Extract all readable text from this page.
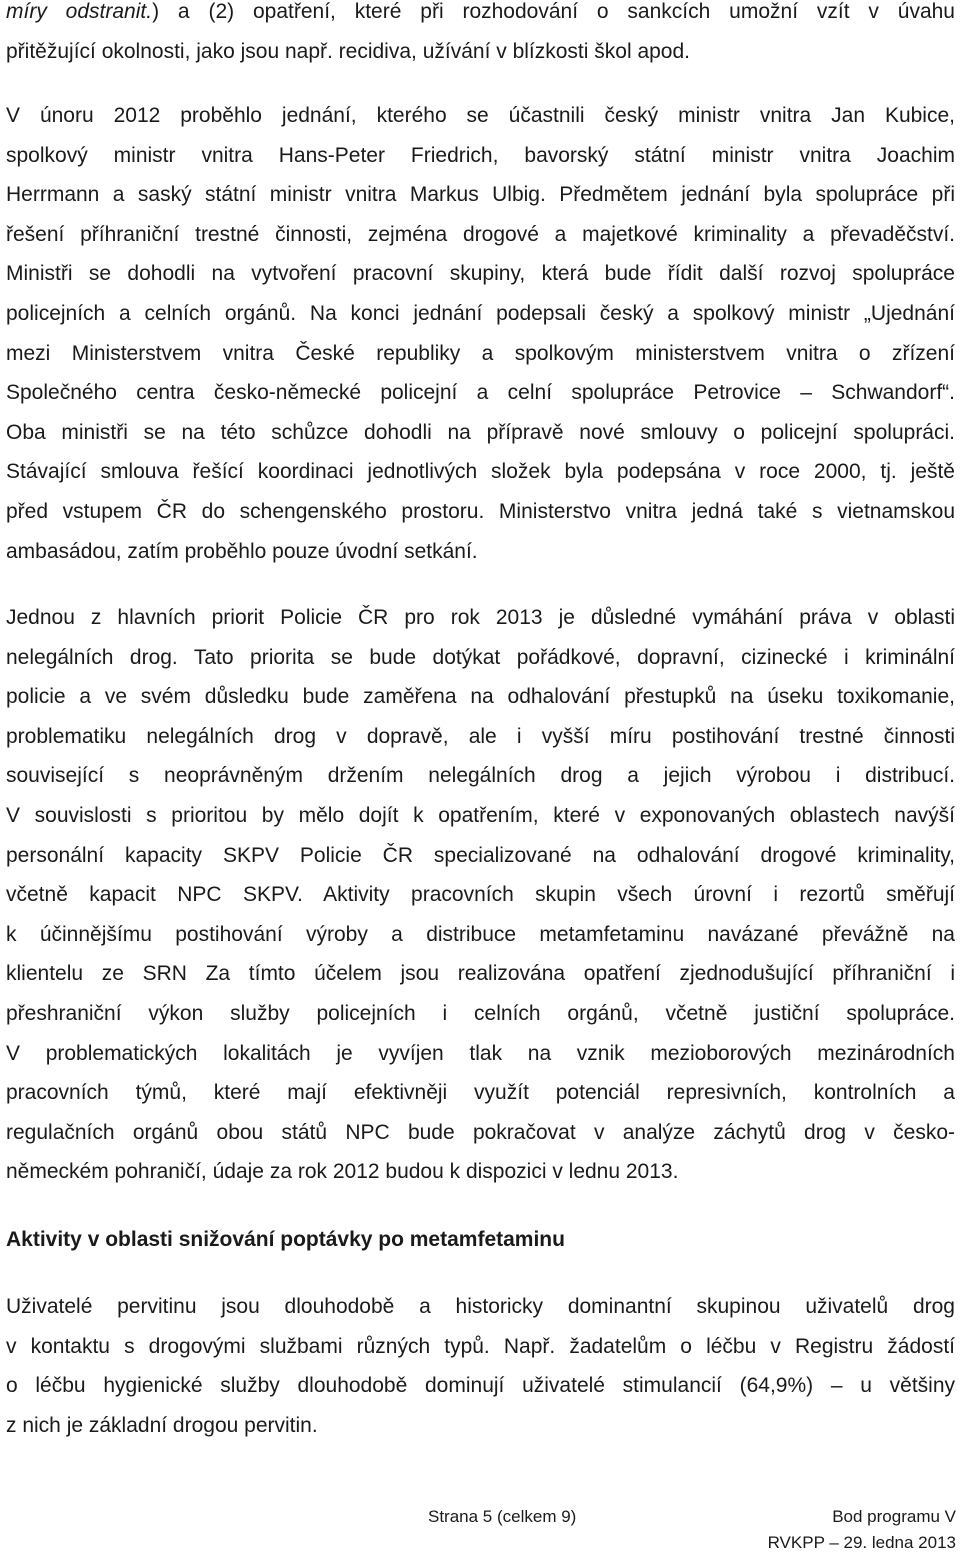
míry odstranit.) a (2) opatření, které při rozhodování o sankcích umožní vzít v úvahu
přitěžující okolnosti, jako jsou např. recidiva, užívání v blízkosti škol apod.
V únoru 2012 proběhlo jednání, kterého se účastnili český ministr vnitra Jan Kubice,
spolkový ministr vnitra Hans-Peter Friedrich, bavorský státní ministr vnitra Joachim
Herrmann a saský státní ministr vnitra Markus Ulbig. Předmětem jednání byla spolupráce při
řešení příhraniční trestné činnosti, zejména drogové a majetkové kriminality a převaděčství.
Ministři se dohodli na vytvoření pracovní skupiny, která bude řídit další rozvoj spolupráce
policejních a celních orgánů. Na konci jednání podepsali český a spolkový ministr „Ujednání
mezi Ministerstvem vnitra České republiky a spolkovým ministerstvem vnitra o zřízení
Společného centra česko-německé policejní a celní spolupráce Petrovice – Schwandorf“.
Oba ministři se na této schůzce dohodli na přípravě nové smlouvy o policejní spolupráci.
Stávající smlouva řešící koordinaci jednotlivých složek byla podepsána v roce 2000, tj. ještě
před vstupem ČR do schengenského prostoru. Ministerstvo vnitra jedná také s vietnamskou
ambasádou, zatím proběhlo pouze úvodní setkání.
Jednou z hlavních priorit Policie ČR pro rok 2013 je důsledné vymáhání práva v oblasti
nelegálních drog. Tato priorita se bude dotýkat pořádkové, dopravní, cizinecké i kriminální
policie a ve svém důsledku bude zaměřena na odhalování přestupků na úseku toxikomanie,
problematiku nelegálních drog v dopravě, ale i vyšší míru postihování trestné činnosti
související s neoprávněným držením nelegálních drog a jejich výrobou i distribucí.
V souvislosti s prioritou by mělo dojít k opatřením, které v exponovaných oblastech navýší
personální kapacity SKPV Policie ČR specializované na odhalování drogové kriminality,
včetně kapacit NPC SKPV. Aktivity pracovních skupin všech úrovní i rezortů směřují
k účinnějšímu postihování výroby a distribuce metamfetaminu navázané převážně na
klientelu ze SRN Za tímto účelem jsou realizována opatření zjednodušující příhraniční i
přeshraniční výkon služby policejních i celních orgánů, včetně justiční spolupráce.
V problematických lokalitách je vyvíjen tlak na vznik mezioborových mezinárodních
pracovních týmů, které mají efektivněji využít potenciál represivních, kontrolních a
regulačních orgánů obou států NPC bude pokračovat v analýze záchytů drog v česko-
německém pohraničí, údaje za rok 2012 budou k dispozici v lednu 2013.
Aktivity v oblasti snižování poptávky po metamfetaminu
Uživatelé pervitinu jsou dlouhodobě a historicky dominantní skupinou uživatelů drog
v kontaktu s drogovými službami různých typů. Např. žadatelům o léčbu v Registru žádostí
o léčbu hygienické služby dlouhodobě dominují uživatelé stimulancií (64,9%) – u většiny
z nich je základní drogou pervitin.
Strana 5 (celkem 9)	Bod programu V
RVKPP – 29. ledna 2013
